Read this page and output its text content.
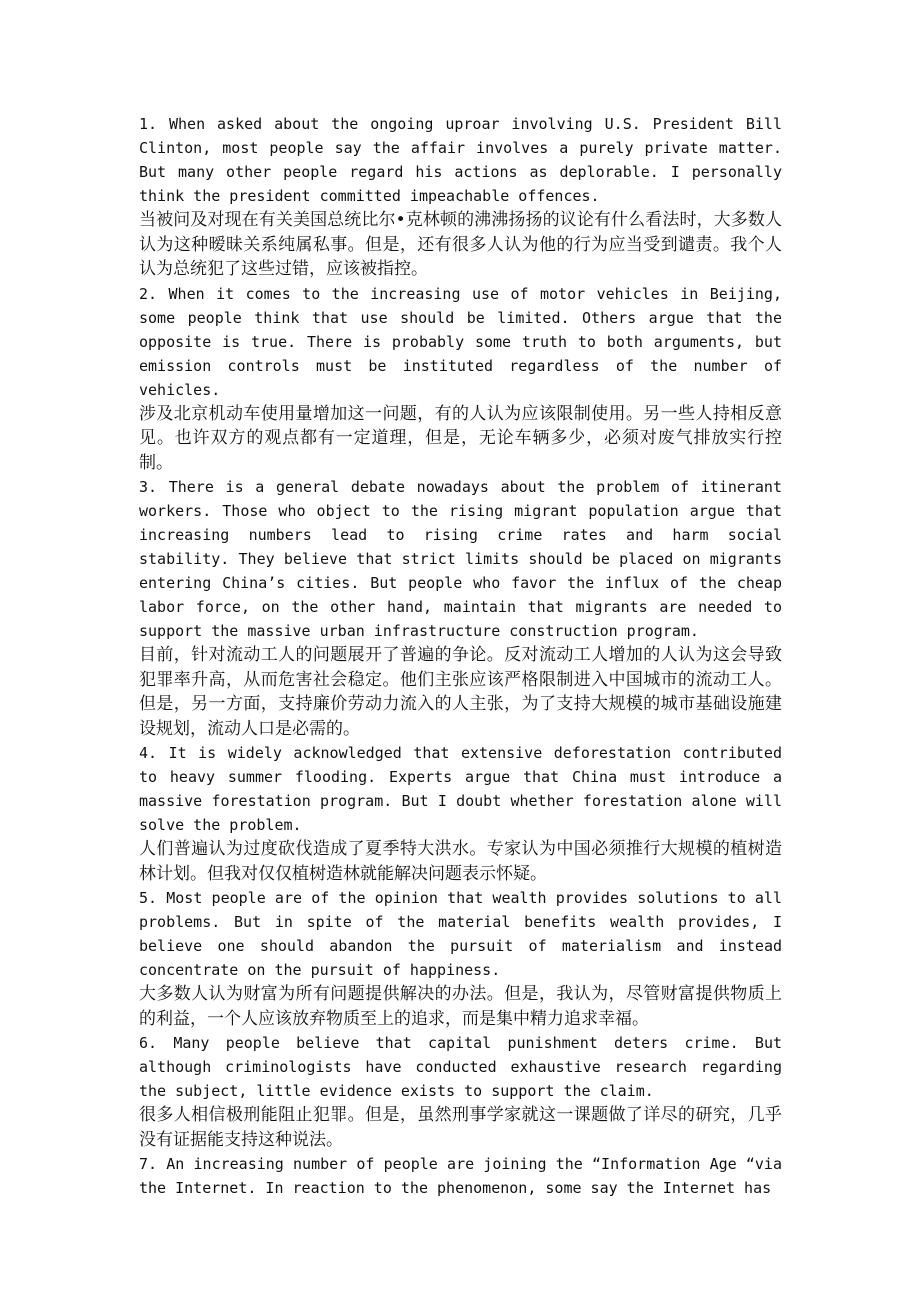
1. When asked about the ongoing uproar involving U.S. President Bill Clinton, most people say the affair involves a purely private matter. But many other people regard his actions as deplorable. I personally think the president committed impeachable offences.

当被问及对现在有关美国总统比尔•克林顿的沸沸扬扬的议论有什么看法时，大多数人认为这种暧昧关系纯属私事。但是，还有很多人认为他的行为应当受到谴责。我个人认为总统犯了这些过错，应该被指控。

2. When it comes to the increasing use of motor vehicles in Beijing, some people think that use should be limited. Others argue that the opposite is true. There is probably some truth to both arguments, but emission controls must be instituted regardless of the number of vehicles.

涉及北京机动车使用量增加这一问题，有的人认为应该限制使用。另一些人持相反意见。也许双方的观点都有一定道理，但是，无论车辆多少，必须对废气排放实行控制。

3. There is a general debate nowadays about the problem of itinerant workers. Those who object to the rising migrant population argue that increasing numbers lead to rising crime rates and harm social stability. They believe that strict limits should be placed on migrants entering China’s cities. But people who favor the influx of the cheap labor force, on the other hand, maintain that migrants are needed to support the massive urban infrastructure construction program.

目前，针对流动工人的问题展开了普遍的争论。反对流动工人增加的人认为这会导致犯罪率升高，从而危害社会稳定。他们主张应该严格限制进入中国城市的流动工人。但是，另一方面，支持廉价劳动力流入的人主张，为了支持大规模的城市基础设施建设规划，流动人口是必需的。

4. It is widely acknowledged that extensive deforestation contributed to heavy summer flooding. Experts argue that China must introduce a massive forestation program. But I doubt whether forestation alone will solve the problem.

人们普遍认为过度砍伐造成了夏季特大洪水。专家认为中国必须推行大规模的植树造林计划。但我对仅仅植树造林就能解决问题表示怀疑。

5. Most people are of the opinion that wealth provides solutions to all problems. But in spite of the material benefits wealth provides, I believe one should abandon the pursuit of materialism and instead concentrate on the pursuit of happiness.

大多数人认为财富为所有问题提供解决的办法。但是，我认为，尽管财富提供物质上的利益，一个人应该放弃物质至上的追求，而是集中精力追求幸福。

6. Many people believe that capital punishment deters crime. But although criminologists have conducted exhaustive research regarding the subject, little evidence exists to support the claim.

很多人相信极刑能阻止犯罪。但是，虽然刑事学家就这一课题做了详尽的研究，几乎没有证据能支持这种说法。

7. An increasing number of people are joining the “Information Age “via the Internet. In reaction to the phenomenon, some say the Internet has
